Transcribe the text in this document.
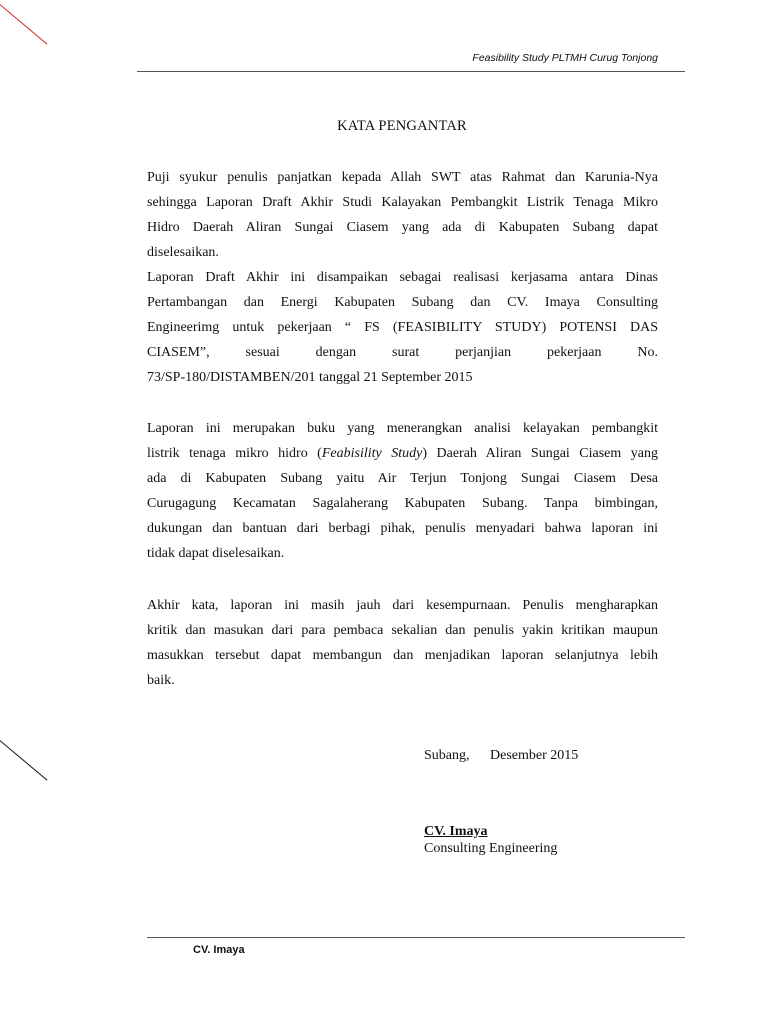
Feasibility Study PLTMH Curug Tonjong
KATA PENGANTAR
Puji syukur penulis panjatkan kepada Allah SWT atas Rahmat dan Karunia-Nya
sehingga Laporan Draft Akhir Studi Kalayakan Pembangkit Listrik Tenaga Mikro
Hidro Daerah Aliran Sungai Ciasem yang ada di Kabupaten Subang dapat
diselesaikan.
Laporan Draft Akhir ini disampaikan sebagai realisasi kerjasama antara Dinas
Pertambangan dan Energi Kabupaten Subang dan CV. Imaya Consulting
Engineerimg untuk pekerjaan “ FS (FEASIBILITY STUDY) POTENSI DAS
CIASEM”, sesuai dengan surat perjanjian pekerjaan No.
73/SP-180/DISTAMBEN/201 tanggal 21 September 2015
Laporan ini merupakan buku yang menerangkan analisi kelayakan pembangkit
listrik tenaga mikro hidro (Feabisility Study) Daerah Aliran Sungai Ciasem yang
ada di Kabupaten Subang yaitu Air Terjun Tonjong Sungai Ciasem Desa
Curugagung Kecamatan Sagalaherang Kabupaten Subang. Tanpa bimbingan,
dukungan dan bantuan dari berbagi pihak, penulis menyadari bahwa laporan ini
tidak dapat diselesaikan.
Akhir kata, laporan ini masih jauh dari kesempurnaan. Penulis mengharapkan
kritik dan masukan dari para pembaca sekalian dan penulis yakin kritikan maupun
masukkan tersebut dapat membangun dan menjadikan laporan selanjutnya lebih
baik.
Subang, Desember 2015
CV. Imaya
Consulting Engineering
CV. Imaya
